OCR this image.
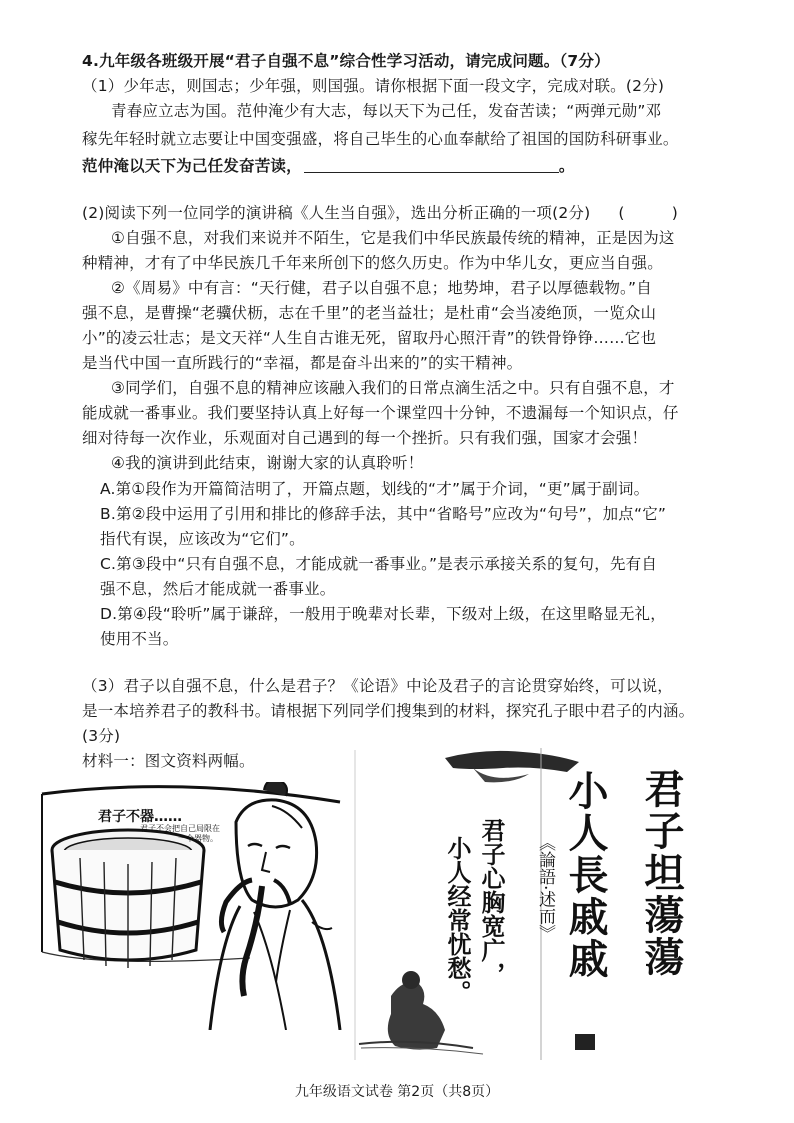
4.九年级各班级开展“君子自强不息”综合性学习活动，请完成问题。（7分）
（1）少年志，则国志；少年强，则国强。请你根据下面一段文字，完成对联。(2分)
青春应立志为国。范仲淹少有大志，每以天下为己任，发奋苦读；“两弹元勋”邓
稼先年轻时就立志要让中国变强盛，将自己毕生的心血奉献给了祖国的国防科研事业。
范仲淹以天下为己任发奋苦读，	。
(2)阅读下列一位同学的演讲稿《人生当自强》，选出分析正确的一项(2分) (　　　)
①自强不息，对我们来说并不陌生，它是我们中华民族最传统的精神，正是因为这
种精神，才有了中华民族几千年来所创下的悠久历史。作为中华儿女，更应当自强。
②《周易》中有言：“天行健，君子以自强不息；地势坤，君子以厚德载物。”自
强不息，是曹操“老骥伏枥，志在千里”的老当益壮；是杜甫“会当凌绝顶，一览众山
小”的凌云壮志；是文天祥“人生自古谁无死，留取丹心照汗青”的铁骨铮铮……它也
是当代中国一直所践行的“幸福，都是奋斗出来的”的实干精神。
③同学们，自强不息的精神应该融入我们的日常点滴生活之中。只有自强不息，才
能成就一番事业。我们要坚持认真上好每一个课堂四十分钟，不遗漏每一个知识点，仔
细对待每一次作业，乐观面对自己遇到的每一个挫折。只有我们强，国家才会强！
④我的演讲到此结束，谢谢大家的认真聆听！
A.第①段作为开篇简洁明了，开篇点题，划线的“才”属于介词，“更”属于副词。
B.第②段中运用了引用和排比的修辞手法，其中“省略号”应改为“句号”，加点“它”
指代有误，应该改为“它们”。
C.第③段中“只有自强不息，才能成就一番事业。”是表示承接关系的复句，先有自
强不息，然后才能成就一番事业。
D.第④段“聆听”属于谦辞，一般用于晚辈对长辈，下级对上级，在这里略显无礼，
使用不当。
（3）君子以自强不息，什么是君子？《论语》中论及君子的言论贯穿始终，可以说，
是一本培养君子的教科书。请根据下列同学们搜集到的材料，探究孔子眼中君子的内涵。
(3分)
材料一：图文资料两幅。
君子不器……
君子不会把自己局限在
一个器物。	君子坦蕩蕩
小人長戚戚
《論語·述而》
君子心胸宽广，
小人经常忧愁。
九年级语文试卷 第2页（共8页）
